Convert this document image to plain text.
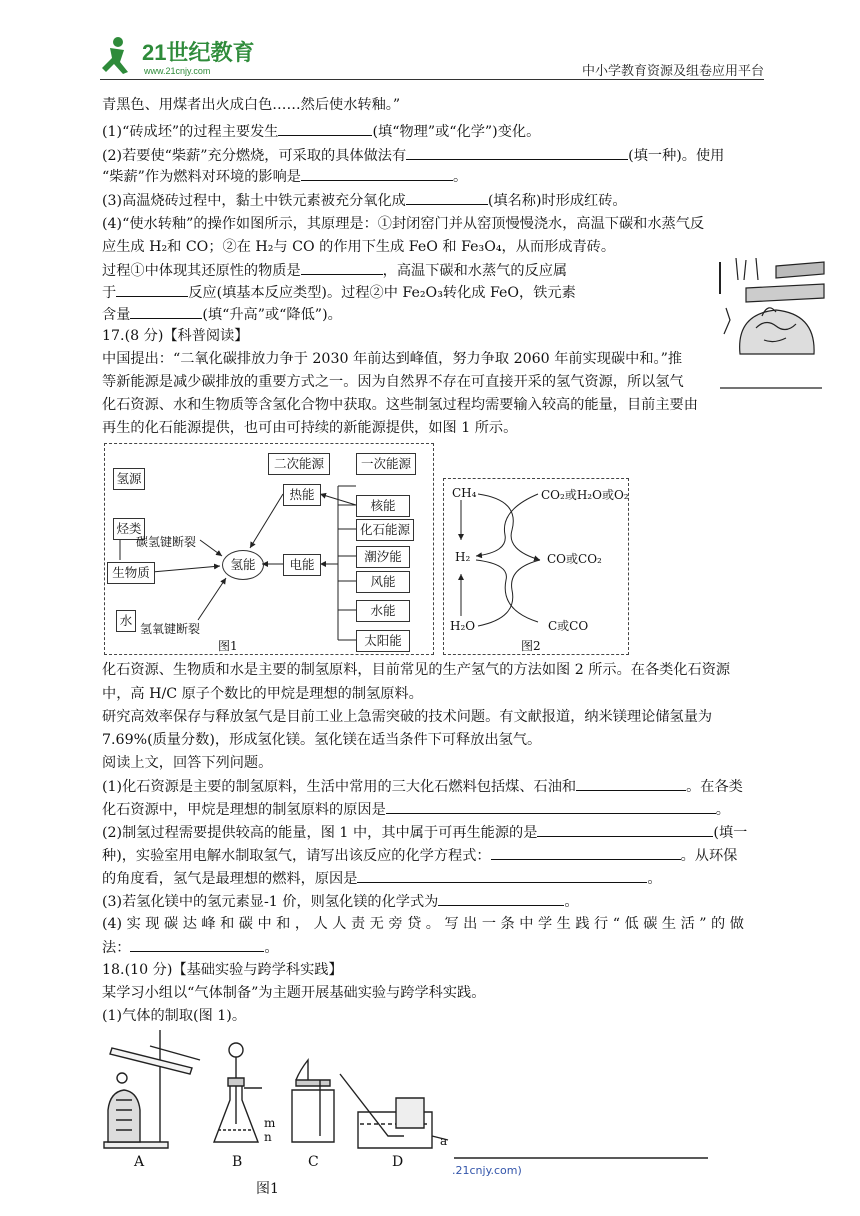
21世纪教育
www.21cnjy.com	中小学教育资源及组卷应用平台
青黑色、用煤者出火成白色……然后使水转釉。”
(1)“砖成坯”的过程主要发生	(填“物理”或“化学”)变化。
(2)若要使“柴薪”充分燃烧，可采取的具体做法有	(填一种)。使用
“柴薪”作为燃料对环境的影响是	。
(3)高温烧砖过程中，黏土中铁元素被充分氧化成	(填名称)时形成红砖。
(4)“使水转釉”的操作如图所示，其原理是：①封闭窑门并从窑顶慢慢浇水，高温下碳和水蒸气反
应生成 H₂和 CO；②在 H₂与 CO 的作用下生成 FeO 和 Fe₃O₄，从而形成青砖。
过程①中体现其还原性的物质是	，高温下碳和水蒸气的反应属
于	反应(填基本反应类型)。过程②中 Fe₂O₃转化成 FeO，铁元素
含量	(填“升高”或“降低”)。
17.(8 分)【科普阅读】
中国提出：“二氧化碳排放力争于 2030 年前达到峰值，努力争取 2060 年前实现碳中和。”推
等新能源是减少碳排放的重要方式之一。因为自然界不存在可直接开采的氢气资源，所以氢气
化石资源、水和生物质等含氢化合物中获取。这些制氢过程均需要输入较高的能量，目前主要由
再生的化石能源提供，也可由可持续的新能源提供，如图 1 所示。
二次能源	一次能源
氢源
烃类
生物质
水
碳氢键断裂
氢氧键断裂
氢能
热能
电能
核能
化石能源
潮汐能
风能
水能
太阳能
图1
CH₄
H₂
H₂O
CO₂或H₂O或O₂
CO或CO₂
C或CO
图2
化石资源、生物质和水是主要的制氢原料，目前常见的生产氢气的方法如图 2 所示。在各类化石资源
中，高 H/C 原子个数比的甲烷是理想的制氢原料。
研究高效率保存与释放氢气是目前工业上急需突破的技术问题。有文献报道，纳米镁理论储氢量为
7.69%(质量分数)，形成氢化镁。氢化镁在适当条件下可释放出氢气。
阅读上文，回答下列问题。
(1)化石资源是主要的制氢原料，生活中常用的三大化石燃料包括煤、石油和	。在各类
化石资源中，甲烷是理想的制氢原料的原因是	。
(2)制氢过程需要提供较高的能量，图 1 中，其中属于可再生能源的是	(填一
种)，实验室用电解水制取氢气，请写出该反应的化学方程式：	。从环保
的角度看，氢气是最理想的燃料，原因是	。
(3)若氢化镁中的氢元素显-1 价，则氢化镁的化学式为	。
(4) 实 现 碳 达 峰 和 碳 中 和 ， 人 人 责 无 旁 贷 。 写 出 一 条 中 学 生 践 行 “ 低 碳 生 活 ” 的 做
法：	。
18.(10 分)【基础实验与跨学科实践】
某学习小组以“气体制备”为主题开展基础实验与跨学科实践。
(1)气体的制取(图 1)。
A	B	C	D
m
n	a
图1
.21cnjy.com)
